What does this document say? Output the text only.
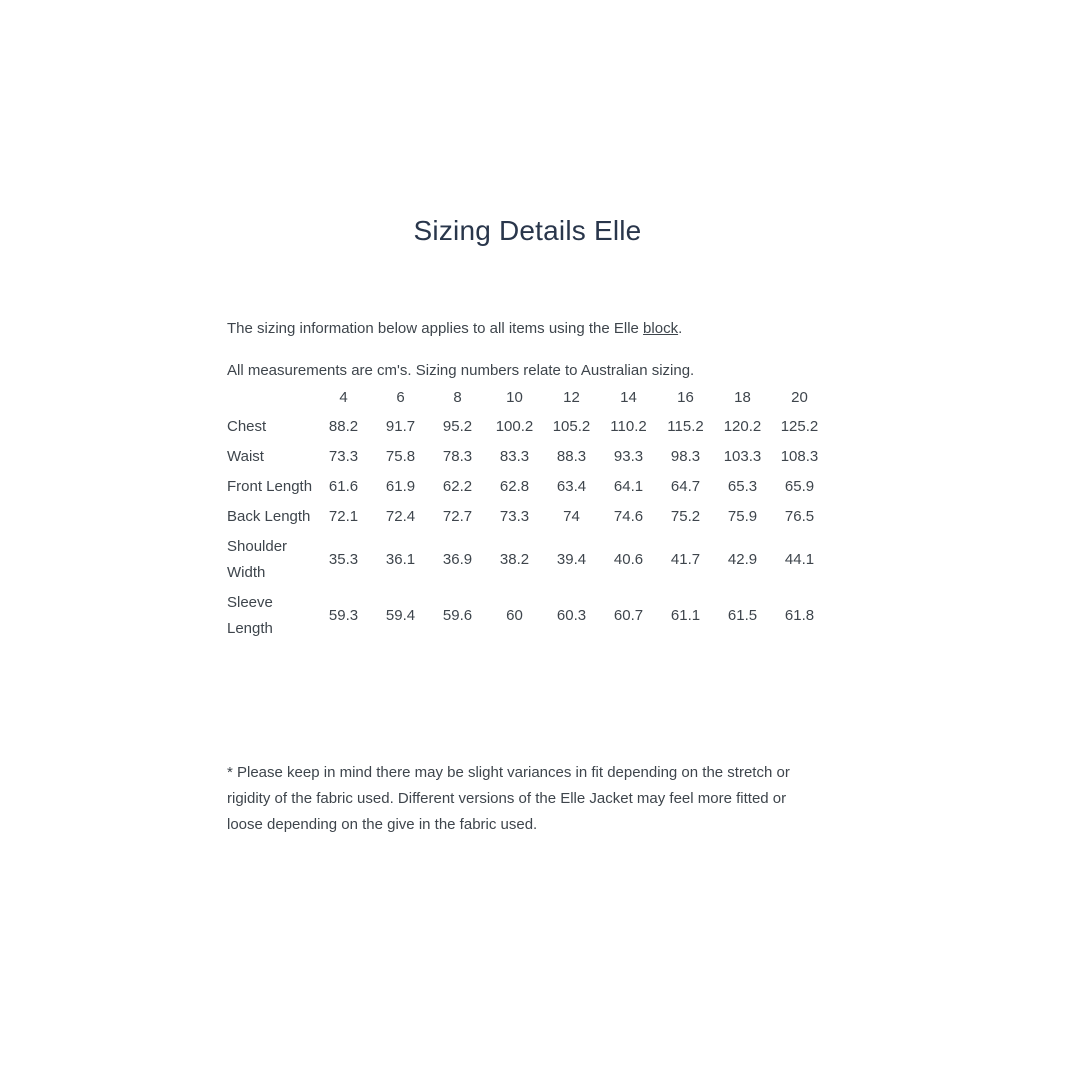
Sizing Details Elle

The sizing information below applies to all items using the Elle block.

All measurements are cm's. Sizing numbers relate to Australian sizing.

	4	6	8	10	12	14	16	18	20
Chest	88.2	91.7	95.2	100.2	105.2	110.2	115.2	120.2	125.2
Waist	73.3	75.8	78.3	83.3	88.3	93.3	98.3	103.3	108.3
Front Length	61.6	61.9	62.2	62.8	63.4	64.1	64.7	65.3	65.9
Back Length	72.1	72.4	72.7	73.3	74	74.6	75.2	75.9	76.5
Shoulder Width	35.3	36.1	36.9	38.2	39.4	40.6	41.7	42.9	44.1
Sleeve Length	59.3	59.4	59.6	60	60.3	60.7	61.1	61.5	61.8
* Please keep in mind there may be slight variances in fit depending on the stretch or
rigidity of the fabric used. Different versions of the Elle Jacket may feel more fitted or
loose depending on the give in the fabric used.
